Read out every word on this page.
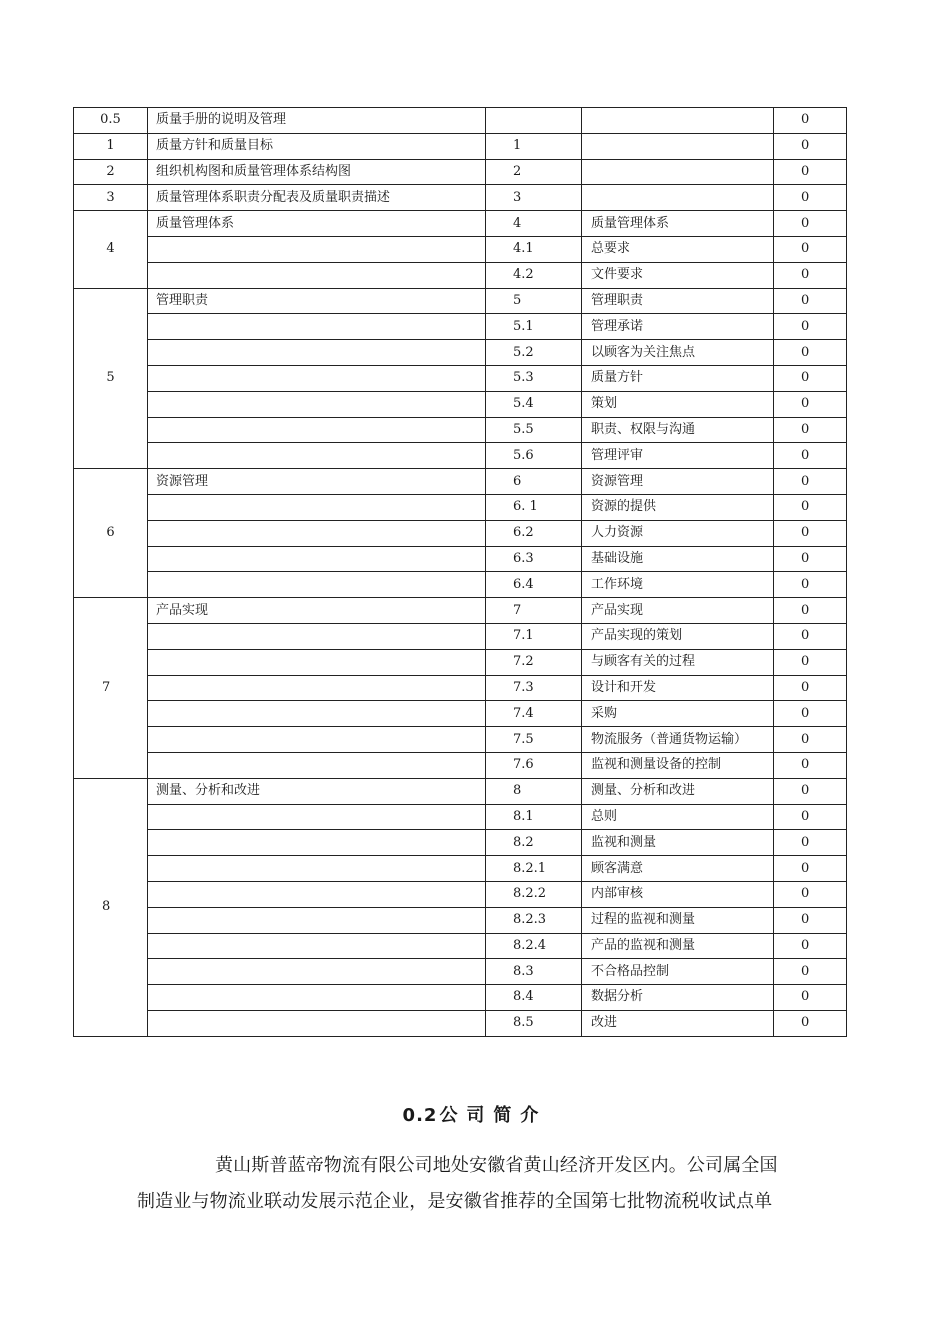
0.5	质量手册的说明及管理			0
1	质量方针和质量目标	1		0
2	组织机构图和质量管理体系结构图	2		0
3	质量管理体系职责分配表及质量职责描述	3		0
4	质量管理体系	4	质量管理体系	0
		4.1	总要求	0
		4.2	文件要求	0
5	管理职责	5	管理职责	0
		5.1	管理承诺	0
		5.2	以顾客为关注焦点	0
		5.3	质量方针	0
		5.4	策划	0
		5.5	职责、权限与沟通	0
		5.6	管理评审	0
6	资源管理	6	资源管理	0
		6. 1	资源的提供	0
		6.2	人力资源	0
		6.3	基础设施	0
		6.4	工作环境	0
7	产品实现	7	产品实现	0
		7.1	产品实现的策划	0
		7.2	与顾客有关的过程	0
		7.3	设计和开发	0
		7.4	采购	0
		7.5	物流服务（普通货物运输）	0
		7.6	监视和测量设备的控制	0
8	测量、分析和改进	8	测量、分析和改进	0
		8.1	总则	0
		8.2	监视和测量	0
		8.2.1	顾客满意	0
		8.2.2	内部审核	0
		8.2.3	过程的监视和测量	0
		8.2.4	产品的监视和测量	0
		8.3	不合格品控制	0
		8.4	数据分析	0
		8.5	改进	0
0.2 公司简介
黄山斯普蓝帝物流有限公司地处安徽省黄山经济开发区内。公司属全国
制造业与物流业联动发展示范企业，是安徽省推荐的全国第七批物流税收试点单
